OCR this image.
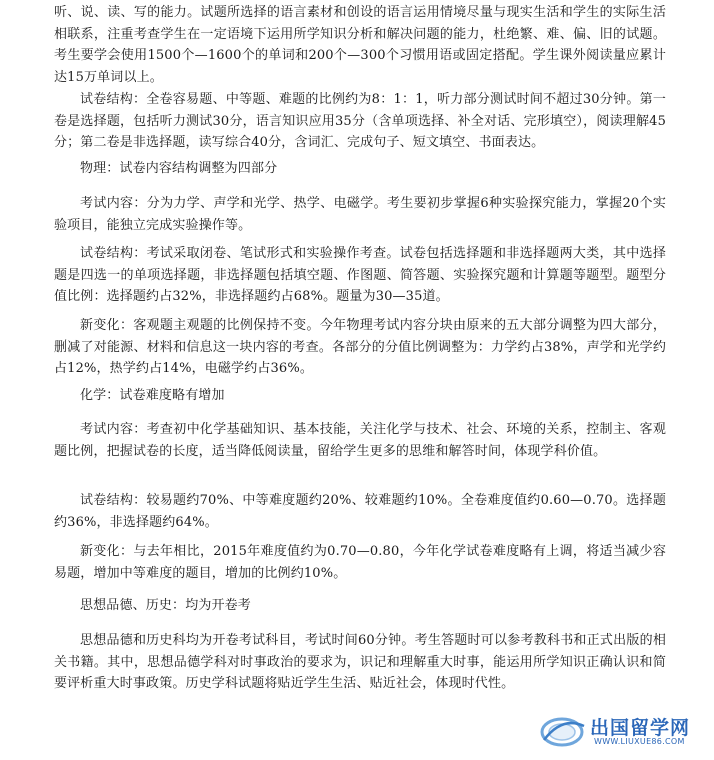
听、说、读、写的能力。试题所选择的语言素材和创设的语言运用情境尽量与现实生活和学生的实际生活相联系，注重考查学生在一定语境下运用所学知识分析和解决问题的能力，杜绝繁、难、偏、旧的试题。考生要学会使用1500个—1600个的单词和200个—300个习惯用语或固定搭配。学生课外阅读量应累计达15万单词以上。

试卷结构：全卷容易题、中等题、难题的比例约为8：1：1，听力部分测试时间不超过30分钟。第一卷是选择题，包括听力测试30分，语言知识应用35分（含单项选择、补全对话、完形填空），阅读理解45分；第二卷是非选择题，读写综合40分，含词汇、完成句子、短文填空、书面表达。

物理：试卷内容结构调整为四部分

考试内容：分为力学、声学和光学、热学、电磁学。考生要初步掌握6种实验探究能力，掌握20个实验项目，能独立完成实验操作等。

试卷结构：考试采取闭卷、笔试形式和实验操作考查。试卷包括选择题和非选择题两大类，其中选择题是四选一的单项选择题，非选择题包括填空题、作图题、简答题、实验探究题和计算题等题型。题型分值比例：选择题约占32%，非选择题约占68%。题量为30—35道。

新变化：客观题主观题的比例保持不变。今年物理考试内容分块由原来的五大部分调整为四大部分，删减了对能源、材料和信息这一块内容的考查。各部分的分值比例调整为：力学约占38%，声学和光学约占12%，热学约占14%，电磁学约占36%。

化学：试卷难度略有增加

考试内容：考查初中化学基础知识、基本技能，关注化学与技术、社会、环境的关系，控制主、客观题比例，把握试卷的长度，适当降低阅读量，留给学生更多的思维和解答时间，体现学科价值。

试卷结构：较易题约70%、中等难度题约20%、较难题约10%。全卷难度值约0.60—0.70。选择题约36%，非选择题约64%。

新变化：与去年相比，2015年难度值约为0.70—0.80，今年化学试卷难度略有上调，将适当减少容易题，增加中等难度的题目，增加的比例约10%。

思想品德、历史：均为开卷考

思想品德和历史科均为开卷考试科目，考试时间60分钟。考生答题时可以参考教科书和正式出版的相关书籍。其中，思想品德学科对时事政治的要求为，识记和理解重大时事，能运用所学知识正确认识和简要评析重大时事政策。历史学科试题将贴近学生生活、贴近社会，体现时代性。

出国留学网
WWW.LIUXUE86.COM
